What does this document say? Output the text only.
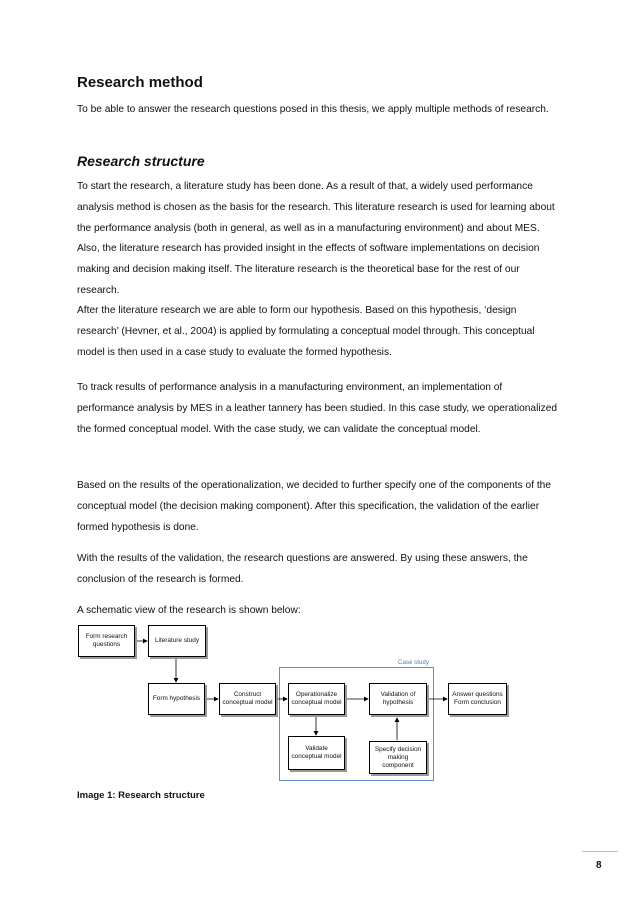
Research method

To be able to answer the research questions posed in this thesis, we apply multiple methods of research.

Research structure

To start the research, a literature study has been done. As a result of that, a widely used performance analysis method is chosen as the basis for the research. This literature research is used for learning about the performance analysis (both in general, as well as in a manufacturing environment) and about MES. Also, the literature research has provided insight in the effects of software implementations on decision making and decision making itself. The literature research is the theoretical base for the rest of our research.

After the literature research we are able to form our hypothesis. Based on this hypothesis, ‘design research’ (Hevner, et al., 2004) is applied by formulating a conceptual model through. This conceptual model is then used in a case study to evaluate the formed hypothesis.

To track results of performance analysis in a manufacturing environment, an implementation of performance analysis by MES in a leather tannery has been studied. In this case study, we operationalized the formed conceptual model. With the case study, we can validate the conceptual model.

Based on the results of the operationalization, we decided to further specify one of the components of the conceptual model (the decision making component). After this specification, the validation of the earlier formed hypothesis is done.

With the results of the validation, the research questions are answered. By using these answers, the conclusion of the research is formed.

A schematic view of the research is shown below:

Case study
Form research questions
Literature study
Form hypothesis
Construct conceptual model
Operationalize conceptual model
Validation of hypothesis
Answer questions Form conclusion
Validate conceptual model
Specify decision making component
Image 1: Research structure
8
